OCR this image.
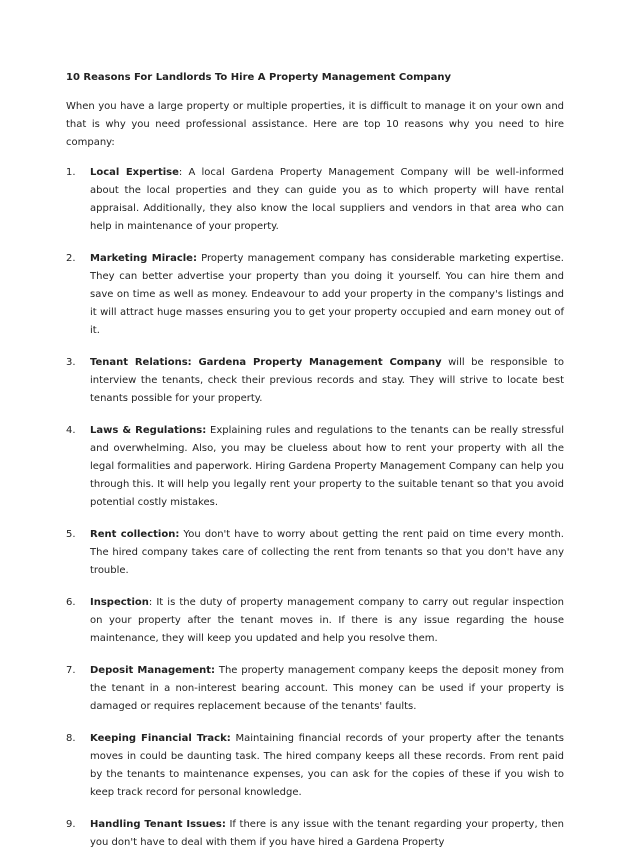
10 Reasons For Landlords To Hire A Property Management Company
When you have a large property or multiple properties, it is difficult to manage it on your own and that is why you need professional assistance. Here are top 10 reasons why you need to hire company:
1. Local Expertise: A local Gardena Property Management Company will be well-informed about the local properties and they can guide you as to which property will have rental appraisal. Additionally, they also know the local suppliers and vendors in that area who can help in maintenance of your property.
2. Marketing Miracle: Property management company has considerable marketing expertise. They can better advertise your property than you doing it yourself. You can hire them and save on time as well as money. Endeavour to add your property in the company's listings and it will attract huge masses ensuring you to get your property occupied and earn money out of it.
3. Tenant Relations: Gardena Property Management Company will be responsible to interview the tenants, check their previous records and stay. They will strive to locate best tenants possible for your property.
4. Laws & Regulations: Explaining rules and regulations to the tenants can be really stressful and overwhelming. Also, you may be clueless about how to rent your property with all the legal formalities and paperwork. Hiring Gardena Property Management Company can help you through this. It will help you legally rent your property to the suitable tenant so that you avoid potential costly mistakes.
5. Rent collection: You don't have to worry about getting the rent paid on time every month. The hired company takes care of collecting the rent from tenants so that you don't have any trouble.
6. Inspection: It is the duty of property management company to carry out regular inspection on your property after the tenant moves in. If there is any issue regarding the house maintenance, they will keep you updated and help you resolve them.
7. Deposit Management: The property management company keeps the deposit money from the tenant in a non-interest bearing account. This money can be used if your property is damaged or requires replacement because of the tenants' faults.
8. Keeping Financial Track: Maintaining financial records of your property after the tenants moves in could be daunting task. The hired company keeps all these records. From rent paid by the tenants to maintenance expenses, you can ask for the copies of these if you wish to keep track record for personal knowledge.
9. Handling Tenant Issues: If there is any issue with the tenant regarding your property, then you don't have to deal with them if you have hired a Gardena Property
